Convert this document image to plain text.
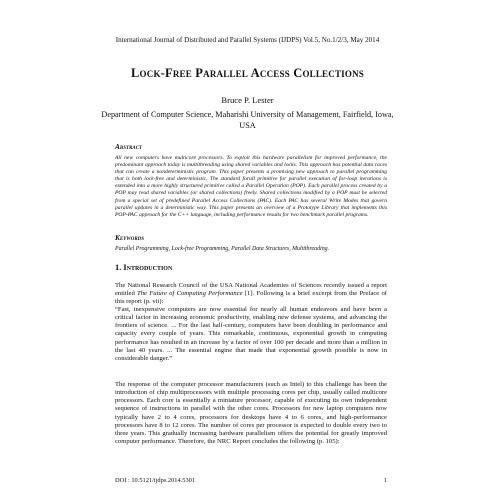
International Journal of Distributed and Parallel Systems (IJDPS) Vol.5, No.1/2/3, May 2014

Lock-Free Parallel Access Collections

Bruce P. Lester

Department of Computer Science, Maharishi University of Management, Fairfield, Iowa, USA

Abstract

All new computers have multicore processors. To exploit this hardware parallelism for improved performance, the predominant approach today is multithreading using shared variables and locks. This approach has potential data races that can create a nondeterministic program. This paper presents a promising new approach to parallel programming that is both lock-free and deterministic. The standard forall primitive for parallel execution of for-loop iterations is extended into a more highly structured primitive called a Parallel Operation (POP). Each parallel process created by a POP may read shared variables (or shared collections) freely. Shared collections modified by a POP must be selected from a special set of predefined Parallel Access Collections (PAC). Each PAC has several Write Modes that govern parallel updates in a deterministic way. This paper presents an overview of a Prototype Library that implements this POP-PAC approach for the C++ language, including performance results for two benchmark parallel programs.

Keywords

Parallel Programming, Lock-free Programming, Parallel Data Structures, Multithreading.

1. Introduction

The National Research Council of the USA National Academies of Sciences recently issued a report entitled The Future of Computing Performance [1]. Following is a brief excerpt from the Preface of this report (p. vii):

“Fast, inexpensive computers are now essential for nearly all human endeavors and have been a critical factor in increasing economic productivity, enabling new defense systems, and advancing the frontiers of science. ... For the last half-century, computers have been doubling in performance and capacity every couple of years. This remarkable, continuous, exponential growth in computing performance has resulted in an increase by a factor of over 100 per decade and more than a million in the last 40 years. ... The essential engine that made that exponential growth possible is now in considerable danger.”

The response of the computer processor manufacturers (such as Intel) to this challenge has been the introduction of chip multiprocessors with multiple processing cores per chip, usually called multicore processors. Each core is essentially a miniature processor, capable of executing its own independent sequence of instructions in parallel with the other cores. Processors for new laptop computers now typically have 2 to 4 cores, processors for desktops have 4 to 6 cores, and high-performance processors have 8 to 12 cores. The number of cores per processor is expected to double every two to three years. This gradually increasing hardware parallelism offers the potential for greatly improved computer performance. Therefore, the NRC Report concludes the following (p. 105):

DOI : 10.5121/ijdps.2014.5301	1
